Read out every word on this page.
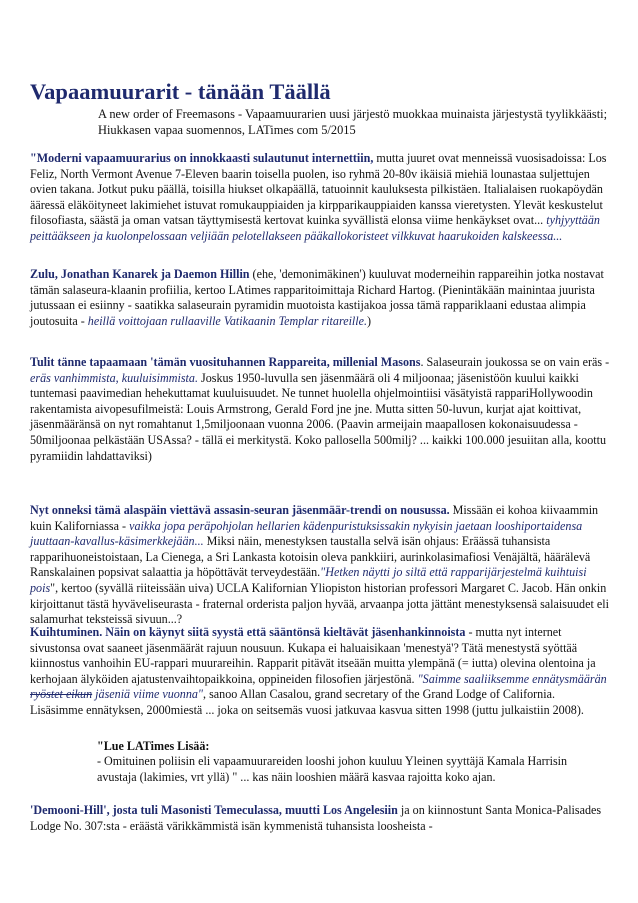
Vapaamuurarit - tänään Täällä
A new order of Freemasons - Vapaamuurarien uusi järjestö muokkaa muinaista järjestystä tyylikkäästi; Hiukkasen vapaa suomennos, LATimes com 5/2015
"Moderni vapaamuurarius on innokkaasti sulautunut internettiin, mutta juuret ovat menneissä vuosisadoissa: Los Feliz, North Vermont Avenue 7-Eleven baarin toisella puolen, iso ryhmä 20-80v ikäisiä miehiä lounastaa suljettujen ovien takana. Jotkut puku päällä, toisilla hiukset olkapäällä, tatuoinnit kauluksesta pilkistäen. Italialaisen ruokapöydän ääressä eläköityneet lakimiehet istuvat romukauppiaiden ja kirpparikauppiaiden kanssa vieretysten. Ylevät keskustelut filosofiasta, säästä ja oman vatsan täyttymisestä kertovat kuinka syvällistä elonsa viime henkäykset ovat... tyhjyyttään peittääkseen ja kuolonpelossaan veljiään pelotellakseen pääkallokoristeet vilkkuvat haarukoiden kalskeessa...
Zulu, Jonathan Kanarek ja Daemon Hillin (ehe, 'demonimäkinen') kuuluvat moderneihin rappareihin jotka nostavat tämän salaseura-klaanin profiilia, kertoo LAtimes rapparitoimittaja Richard Hartog. (Pienintäkään mainintaa juurista jutussaan ei esiinny - saatikka salaseurain pyramidin muotoista kastijakoa jossa tämä rappariklaani edustaa alimpia joutosuita - heillä voittojaan rullaaville Vatikaanin Templar ritareille.)
Tulit tänne tapaamaan 'tämän vuosituhannen Rappareita, millenial Masons. Salaseurain joukossa se on vain eräs - eräs vanhimmista, kuuluisimmista. Joskus 1950-luvulla sen jäsenmäärä oli 4 miljoonaa; jäsenistöön kuului kaikki tuntemasi paavimedian hehekuttamat kuuluisuudet. Ne tunnet huolella ohjelmointiisi väsätyistä rappariHollywoodin rakentamista aivopesufilmeistä: Louis Armstrong, Gerald Ford jne jne. Mutta sitten 50-luvun, kurjat ajat koittivat, jäsenmääränsä on nyt romahtanut 1,5miljoonaan vuonna 2006. (Paavin armeijain maapallosen kokonaisuudessa - 50miljoonaa pelkästään USAssa? - tällä ei merkitystä. Koko pallosella 500milj? ... kaikki 100.000 jesuiitan alla, koottu pyramiidin lahdattaviksi)
Nyt onneksi tämä alaspäin viettävä assasin-seuran jäsenmäär-trendi on nousussa. Missään ei kohoa kiivaammin kuin Kaliforniassa - vaikka jopa peräpohjolan hellarien kädenpuristuksissakin nykyisin jaetaan looshiportaidensa juuttaan-kavallus-käsimerkkejään... Miksi näin, menestyksen taustalla selvä isän ohjaus: Eräässä tuhansista rapparihuoneistoistaan, La Cienega, a Sri Lankasta kotoisin oleva pankkiiri, aurinkolasimafiosi Venäjältä, häärälevä Ranskalainen popsivat salaattia ja höpöttävät terveydestään."Hetken näytti jo siltä että rapparijärjestelmä kuihtuisi pois", kertoo (syvällä riiteissään uiva) UCLA Kalifornian Yliopiston historian professori Margaret C. Jacob. Hän onkin kirjoittanut tästä hyväveliseurasta - fraternal orderista paljon hyvää, arvaanpa jotta jättänt menestyksensä salaisuudet eli salamurhat teksteissä sivuun...?
Kuihtuminen. Näin on käynyt siitä syystä että sääntönsä kieltävät jäsenhankinnoista - mutta nyt internet sivustonsa ovat saaneet jäsenmäärät rajuun nousuun. Kukapa ei haluaisikaan 'menestyä'? Tätä menestystä syöttää kiinnostus vanhoihin EU-rappari muurareihin. Rapparit pitävät itseään muitta ylempänä (= iutta) olevina olentoina ja kerhojaan älyköiden ajatustenvaihtopaikkoina, oppineiden filosofien järjestönä. "Saimme saaliiksemme ennätysmäärän ryöstet eikun jäseniä viime vuonna", sanoo Allan Casalou, grand secretary of the Grand Lodge of California. Lisäsimme ennätyksen, 2000miestä ... joka on seitsemäs vuosi jatkuvaa kasvua sitten 1998 (juttu julkaistiin 2008).
"Lue LATimes Lisää:
- Omituinen poliisin eli vapaamuurareiden looshi johon kuuluu Yleinen syyttäjä Kamala Harrisin avustaja (lakimies, vrt yllä) " ... kas näin looshien määrä kasvaa rajoitta koko ajan.
'Demooni-Hill', josta tuli Masonisti Temeculassa, muutti Los Angelesiin ja on kiinnostunt Santa Monica-Palisades Lodge No. 307:sta - eräästä värikkämmistä isän kymmenistä tuhansista loosheista -
